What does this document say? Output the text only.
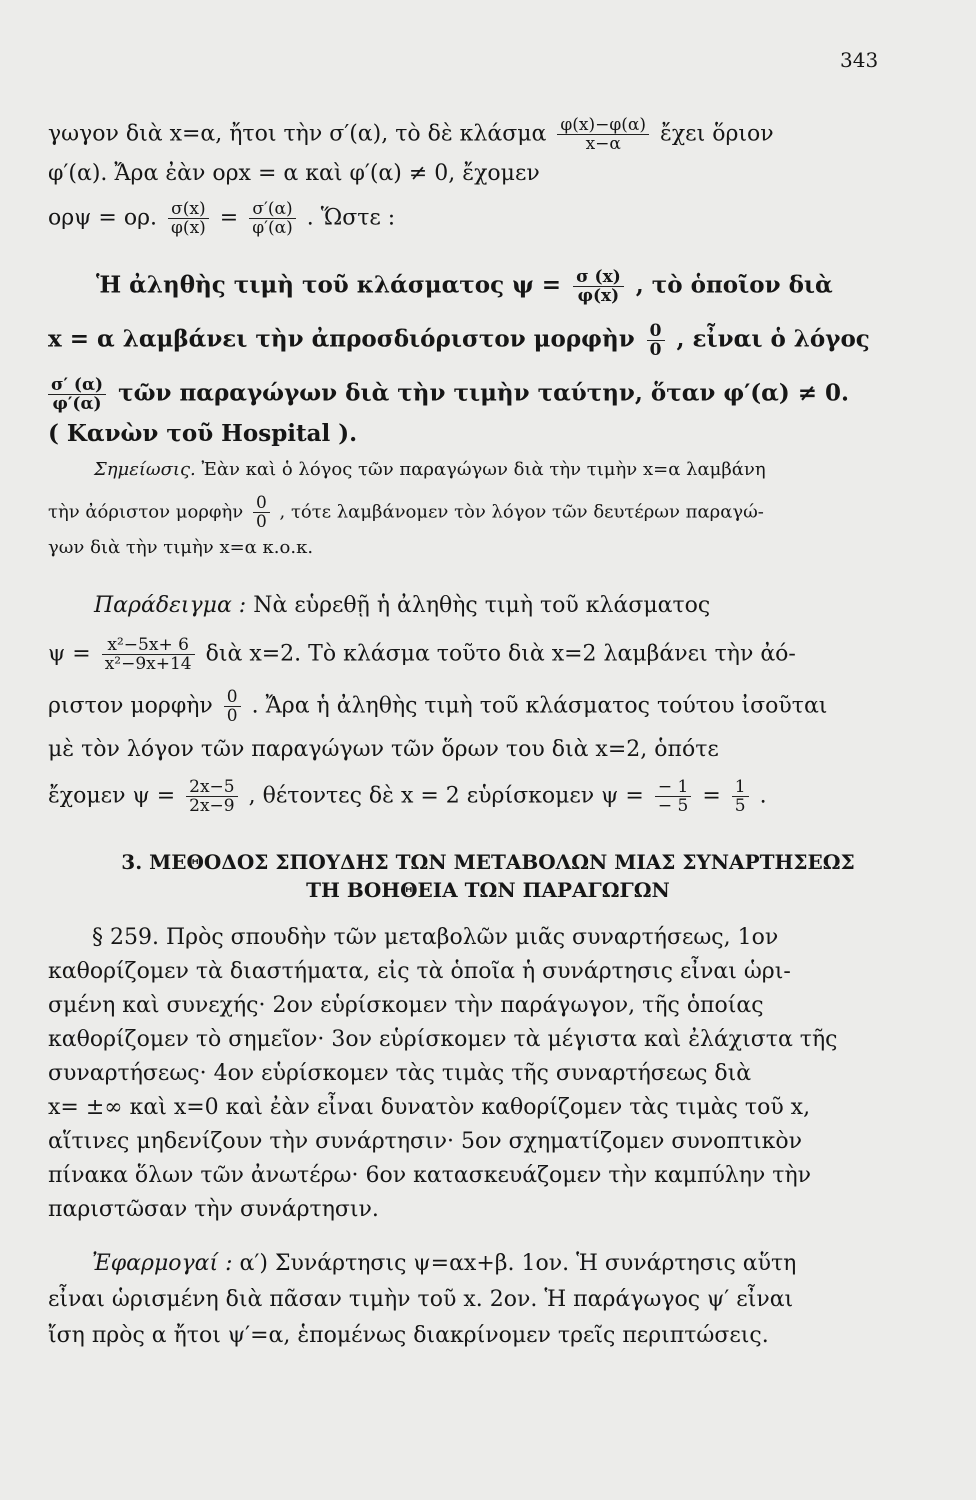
343
γωγον διὰ x=α, ἤτοι τὴν σ′(α), τὸ δὲ κλάσμα $\frac{\varphi(x)-\varphi(\alpha)}{x-\alpha}$ ἔχει ὅριον
φ′(α). Ἄρα ἐὰν ορx = α καὶ φ′(α) ≠ 0, ἔχομεν
ορψ = ορ. $\frac{\sigma(x)}{\varphi(x)} = \frac{\sigma'(\alpha)}{\varphi'(\alpha)}$ . Ὥστε :
Ἡ ἀληθὴς τιμὴ τοῦ κλάσματος $\psi = \frac{\sigma (x)}{\varphi(x)}$ , τὸ ὁποῖον διὰ
x = α λαμβάνει τὴν ἀπροσδιόριστον μορφὴν $\frac{0}{0}$ , εἶναι ὁ λόγος
$\frac{\sigma' (\alpha)}{\varphi'(\alpha)}$ τῶν παραγώγων διὰ τὴν τιμὴν ταύτην, ὅταν φ′(α) ≠ 0.
( Κανὼν τοῦ Hospital ).
Σημείωσις. Ἐὰν καὶ ὁ λόγος τῶν παραγώγων διὰ τὴν τιμὴν x=α λαμβάνη
τὴν ἀόριστον μορφὴν $\frac{0}{0}$ , τότε λαμβάνομεν τὸν λόγον τῶν δευτέρων παραγώ-
γων διὰ τὴν τιμὴν x=α κ.ο.κ.
Παράδειγμα : Νὰ εὑρεθῇ ἡ ἀληθὴς τιμὴ τοῦ κλάσματος
$\psi = \frac{\text{x²−5x+ 6}}{\text{x²−9x+14}}$ διὰ x=2. Τὸ κλάσμα τοῦτο διὰ x=2 λαμβάνει τὴν ἀό-
ριστον μορφὴν $\frac{0}{0}$ . Ἄρα ἡ ἀληθὴς τιμὴ τοῦ κλάσματος τούτου ἰσοῦται
μὲ τὸν λόγον τῶν παραγώγων τῶν ὅρων του διὰ x=2, ὁπότε
ἔχομεν $\psi = \frac{2x-5}{2x-9}$ , θέτοντες δὲ x = 2 εὑρίσκομεν $\psi = \frac{- 1}{- 5} = \frac{1}{5}$ .
3. ΜΕΘΟΔΟΣ ΣΠΟΥΔΗΣ ΤΩΝ ΜΕΤΑΒΟΛΩΝ ΜΙΑΣ ΣΥΝΑΡΤΗΣΕΩΣ
ΤΗ ΒΟΗΘΕΙΑ ΤΩΝ ΠΑΡΑΓΩΓΩΝ
§ 259. Πρὸς σπουδὴν τῶν μεταβολῶν μιᾶς συναρτήσεως, 1ον
καθορίζομεν τὰ διαστήματα, εἰς τὰ ὁποῖα ἡ συνάρτησις εἶναι ὡρι-
σμένη καὶ συνεχής· 2ον εὑρίσκομεν τὴν παράγωγον, τῆς ὁποίας
καθορίζομεν τὸ σημεῖον· 3ον εὑρίσκομεν τὰ μέγιστα καὶ ἐλάχιστα τῆς
συναρτήσεως· 4ον εὑρίσκομεν τὰς τιμὰς τῆς συναρτήσεως διὰ
x= ±∞ καὶ x=0 καὶ ἐὰν εἶναι δυνατὸν καθορίζομεν τὰς τιμὰς τοῦ x,
αἵτινες μηδενίζουν τὴν συνάρτησιν· 5ον σχηματίζομεν συνοπτικὸν
πίνακα ὅλων τῶν ἀνωτέρω· 6ον κατασκευάζομεν τὴν καμπύλην τὴν
παριστῶσαν τὴν συνάρτησιν.
Ἐφαρμογαί : α′) Συνάρτησις ψ=αx+β. 1ον. Ἡ συνάρτησις αὕτη
εἶναι ὡρισμένη διὰ πᾶσαν τιμὴν τοῦ x. 2ον. Ἡ παράγωγος ψ′ εἶναι
ἴση πρὸς α ἤτοι ψ′=α, ἑπομένως διακρίνομεν τρεῖς περιπτώσεις.
